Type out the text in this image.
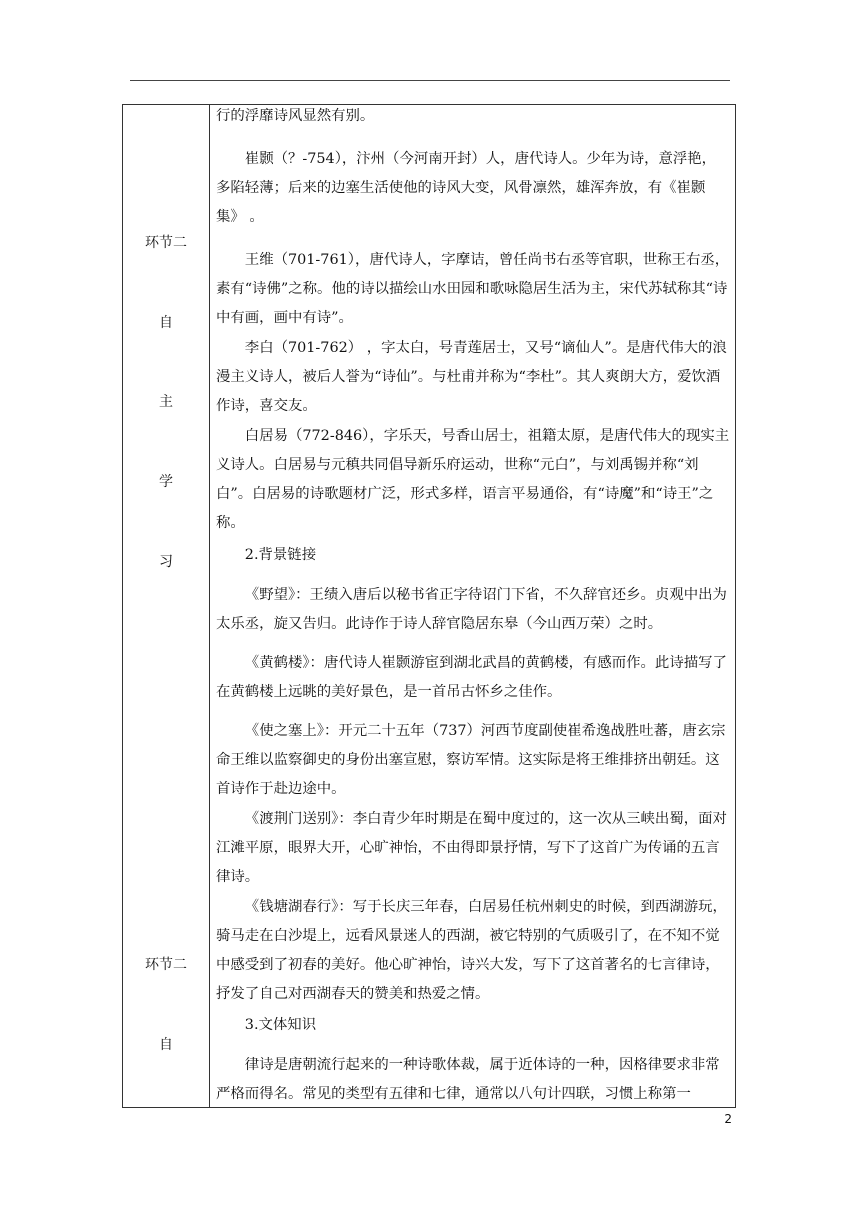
环节二
自
主
学
习
环节二
自

行的浮靡诗风显然有别。

崔颢（？-754），汴州（今河南开封）人，唐代诗人。少年为诗，意浮艳，多陷轻薄；后来的边塞生活使他的诗风大变，风骨凛然，雄浑奔放，有《崔颢集》 。

王维（701-761），唐代诗人，字摩诘，曾任尚书右丞等官职，世称王右丞，素有“诗佛”之称。他的诗以描绘山水田园和歌咏隐居生活为主，宋代苏轼称其“诗中有画，画中有诗”。

李白（701-762） ，字太白，号青莲居士，又号“谪仙人”。是唐代伟大的浪漫主义诗人，被后人誉为“诗仙”。与杜甫并称为“李杜”。其人爽朗大方，爱饮酒作诗，喜交友。

白居易（772-846），字乐天，号香山居士，祖籍太原，是唐代伟大的现实主义诗人。白居易与元稹共同倡导新乐府运动，世称“元白”，与刘禹锡并称“刘白”。白居易的诗歌题材广泛，形式多样，语言平易通俗，有“诗魔”和“诗王”之称。

2.背景链接

《野望》：王绩入唐后以秘书省正字待诏门下省，不久辞官还乡。贞观中出为太乐丞，旋又告归。此诗作于诗人辞官隐居东皋（今山西万荣）之时。

《黄鹤楼》：唐代诗人崔颢游宦到湖北武昌的黄鹤楼，有感而作。此诗描写了在黄鹤楼上远眺的美好景色，是一首吊古怀乡之佳作。

《使之塞上》：开元二十五年（737）河西节度副使崔希逸战胜吐蕃，唐玄宗命王维以监察御史的身份出塞宣慰，察访军情。这实际是将王维排挤出朝廷。这首诗作于赴边途中。

《渡荆门送别》：李白青少年时期是在蜀中度过的，这一次从三峡出蜀，面对江滩平原，眼界大开，心旷神怡，不由得即景抒情，写下了这首广为传诵的五言律诗。

《钱塘湖春行》：写于长庆三年春，白居易任杭州刺史的时候，到西湖游玩，骑马走在白沙堤上，远看风景迷人的西湖，被它特别的气质吸引了，在不知不觉中感受到了初春的美好。他心旷神怡，诗兴大发，写下了这首著名的七言律诗，抒发了自己对西湖春天的赞美和热爱之情。

3.文体知识

律诗是唐朝流行起来的一种诗歌体裁，属于近体诗的一种，因格律要求非常严格而得名。常见的类型有五律和七律，通常以八句计四联，习惯上称第一

2
